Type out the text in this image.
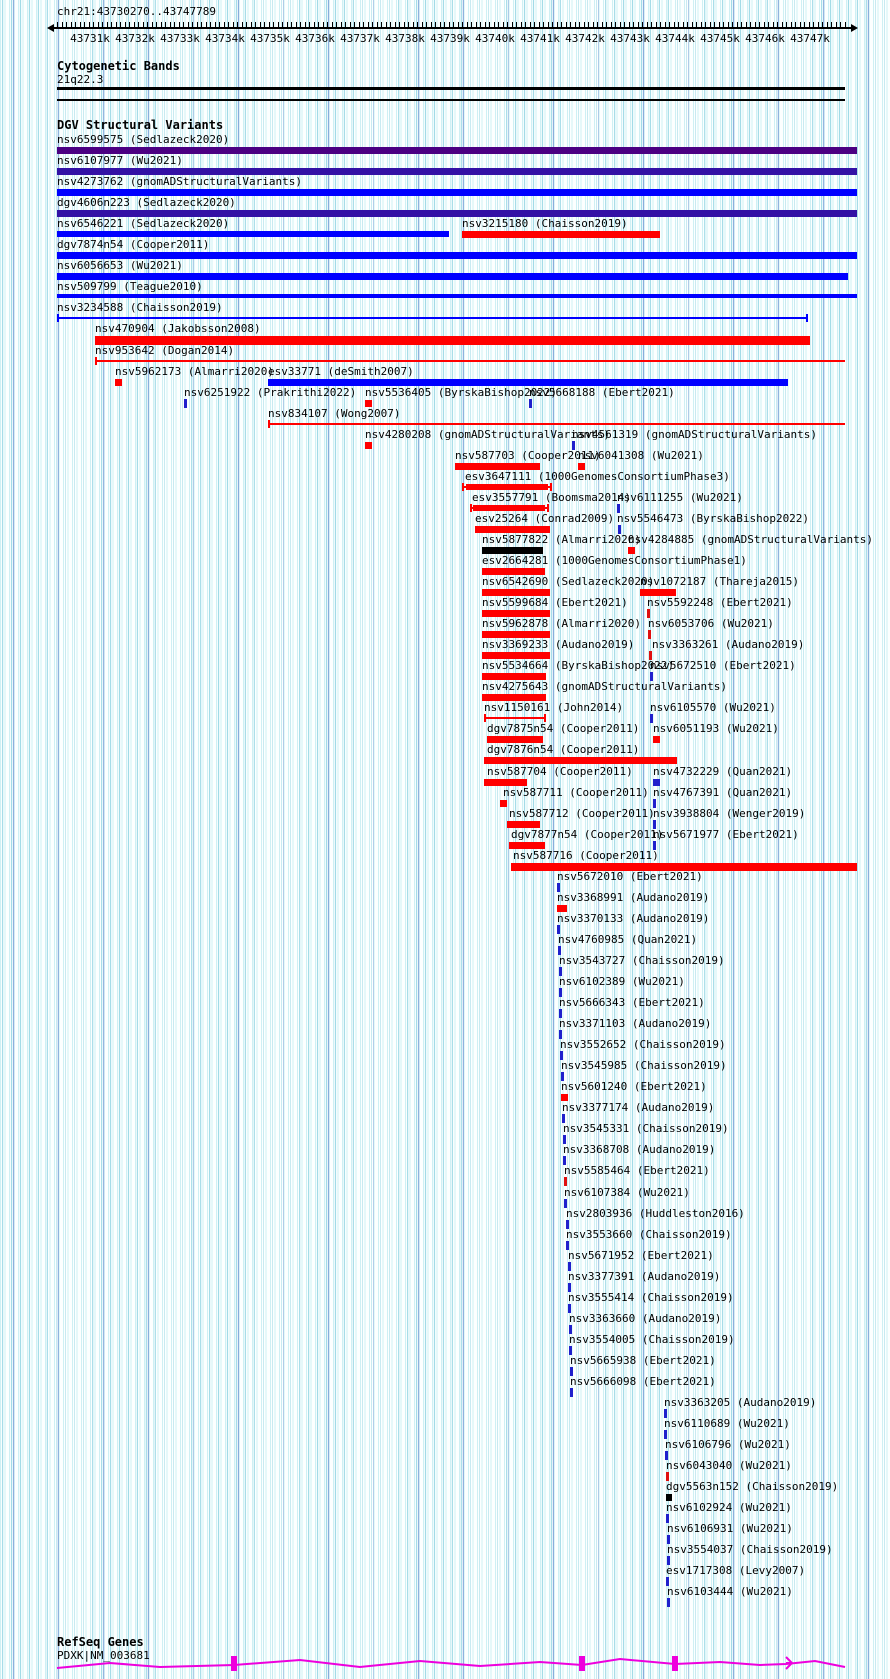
chr21:43730270..43747789
43731k 43732k 43733k 43734k 43735k 43736k 43737k 43738k 43739k 43740k 43741k 43742k 43743k 43744k 43745k 43746k 43747k
Cytogenetic Bands
21q22.3
DGV Structural Variants
nsv6599575 (Sedlazeck2020)
nsv6107977 (Wu2021)
nsv4273762 (gnomADStructuralVariants)
dgv4606n223 (Sedlazeck2020)
nsv6546221 (Sedlazeck2020)	nsv3215180 (Chaisson2019)
dgv7874n54 (Cooper2011)
nsv6056653 (Wu2021)
nsv509799 (Teague2010)
nsv3234588 (Chaisson2019)
nsv470904 (Jakobsson2008)
nsv953642 (Dogan2014)
nsv5962173 (Almarri2020)
esv33771 (deSmith2007)
nsv6251922 (Prakrithi2022) nsv5536405 (ByrskaBishop2022)
nsv5668188 (Ebert2021)
nsv834107 (Wong2007)
nsv4280208 (gnomADStructuralVariants)
nsv4561319 (gnomADStructuralVariants)
nsv587703 (Cooper2011)
nsv6041308 (Wu2021)
esv3647111 (1000GenomesConsortiumPhase3)
esv3557791 (Boomsma2014)
nsv6111255 (Wu2021)
esv25264 (Conrad2009) nsv5546473 (ByrskaBishop2022)
nsv5877822 (Almarri2020)
nsv4284885 (gnomADStructuralVariants)
esv2664281 (1000GenomesConsortiumPhase1)
nsv6542690 (Sedlazeck2020)
nsv1072187 (Thareja2015)
nsv5599684 (Ebert2021) nsv5592248 (Ebert2021)
nsv5962878 (Almarri2020) nsv6053706 (Wu2021)
nsv3369233 (Audano2019) nsv3363261 (Audano2019)
nsv5534664 (ByrskaBishop2022)
nsv5672510 (Ebert2021)
nsv4275643 (gnomADStructuralVariants)
nsv1150161 (John2014) nsv6105570 (Wu2021)
dgv7875n54 (Cooper2011) nsv6051193 (Wu2021)
dgv7876n54 (Cooper2011)
nsv587704 (Cooper2011) nsv4732229 (Quan2021)
nsv587711 (Cooper2011) nsv4767391 (Quan2021)
nsv587712 (Cooper2011)
nsv3938804 (Wenger2019)
dgv7877n54 (Cooper2011)
nsv5671977 (Ebert2021)
nsv587716 (Cooper2011)
nsv5672010 (Ebert2021)
nsv3368991 (Audano2019)
nsv3370133 (Audano2019)
nsv4760985 (Quan2021)
nsv3543727 (Chaisson2019)
nsv6102389 (Wu2021)
nsv5666343 (Ebert2021)
nsv3371103 (Audano2019)
nsv3552652 (Chaisson2019)
nsv3545985 (Chaisson2019)
nsv5601240 (Ebert2021)
nsv3377174 (Audano2019)
nsv3545331 (Chaisson2019)
nsv3368708 (Audano2019)
nsv5585464 (Ebert2021)
nsv6107384 (Wu2021)
nsv2803936 (Huddleston2016)
nsv3553660 (Chaisson2019)
nsv5671952 (Ebert2021)
nsv3377391 (Audano2019)
nsv3555414 (Chaisson2019)
nsv3363660 (Audano2019)
nsv3554005 (Chaisson2019)
nsv5665938 (Ebert2021)
nsv5666098 (Ebert2021)
nsv3363205 (Audano2019)
nsv6110689 (Wu2021)
nsv6106796 (Wu2021)
nsv6043040 (Wu2021)
dgv5563n152 (Chaisson2019)
nsv6102924 (Wu2021)
nsv6106931 (Wu2021)
nsv3554037 (Chaisson2019)
esv1717308 (Levy2007)
nsv6103444 (Wu2021)
RefSeq Genes
PDXK|NM_003681
